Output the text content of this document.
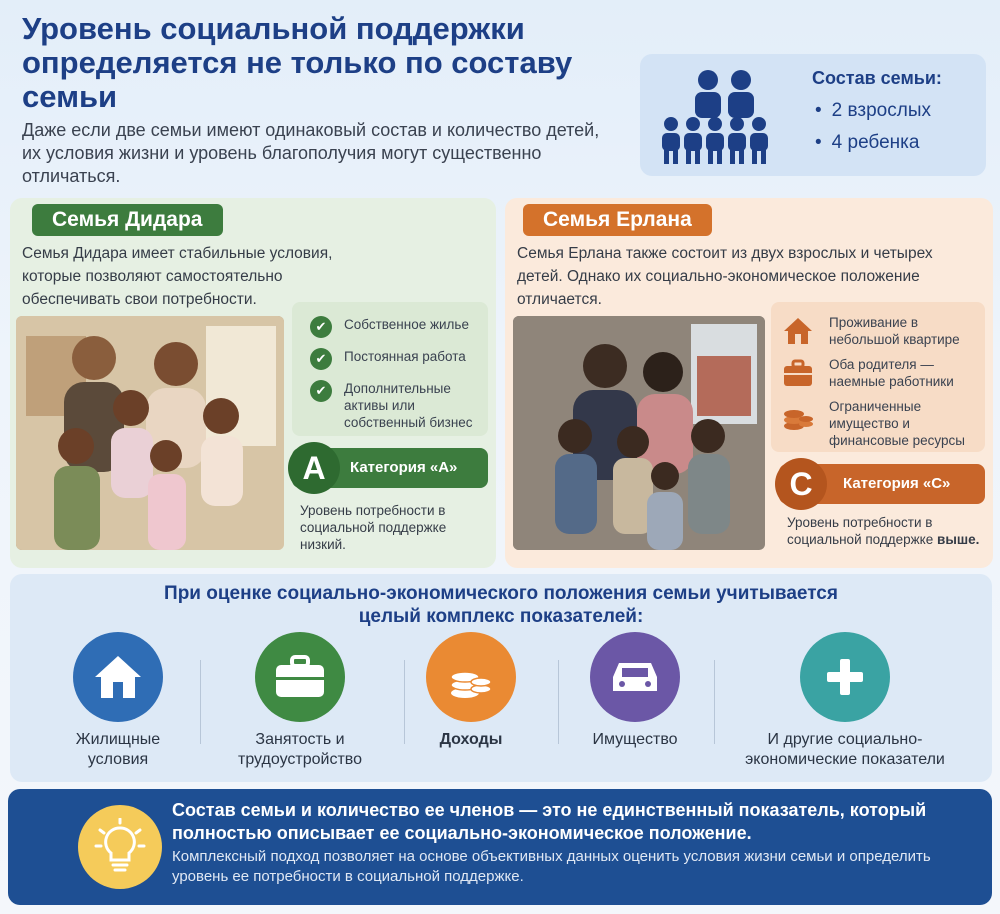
Уровень социальной поддержки определяется не только по составу семьи
Даже если две семьи имеют одинаковый состав и количество детей, их условия жизни и уровень благополучия могут существенно отличаться.
Состав семьи:
• 2 взрослых
• 4 ребенка
Семья Дидара
Семья Дидара имеет стабильные условия, которые позволяют самостоятельно обеспечивать свои потребности.
✔	Собственное жилье
✔	Постоянная работа
✔	Дополнительные активы или собственный бизнес
A	Категория «А»
Уровень потребности в социальной поддержке низкий.
Семья Ерлана
Семья Ерлана также состоит из двух взрослых и четырех детей. Однако их социально-экономическое положение отличается.
Проживание в небольшой квартире
Оба родителя — наемные работники
Ограниченные имущество и финансовые ресурсы
C	Категория «С»
Уровень потребности в социальной поддержке выше.
При оценке социально-экономического положения семьи учитывается целый комплекс показателей:
Жилищные условия
Занятость и трудоустройство
Доходы	Имущество	И другие социально-экономические показатели
Состав семьи и количество ее членов — это не единственный показатель, который полностью описывает ее социально-экономическое положение.
Комплексный подход позволяет на основе объективных данных оценить условия жизни семьи и определить уровень ее потребности в социальной поддержке.
